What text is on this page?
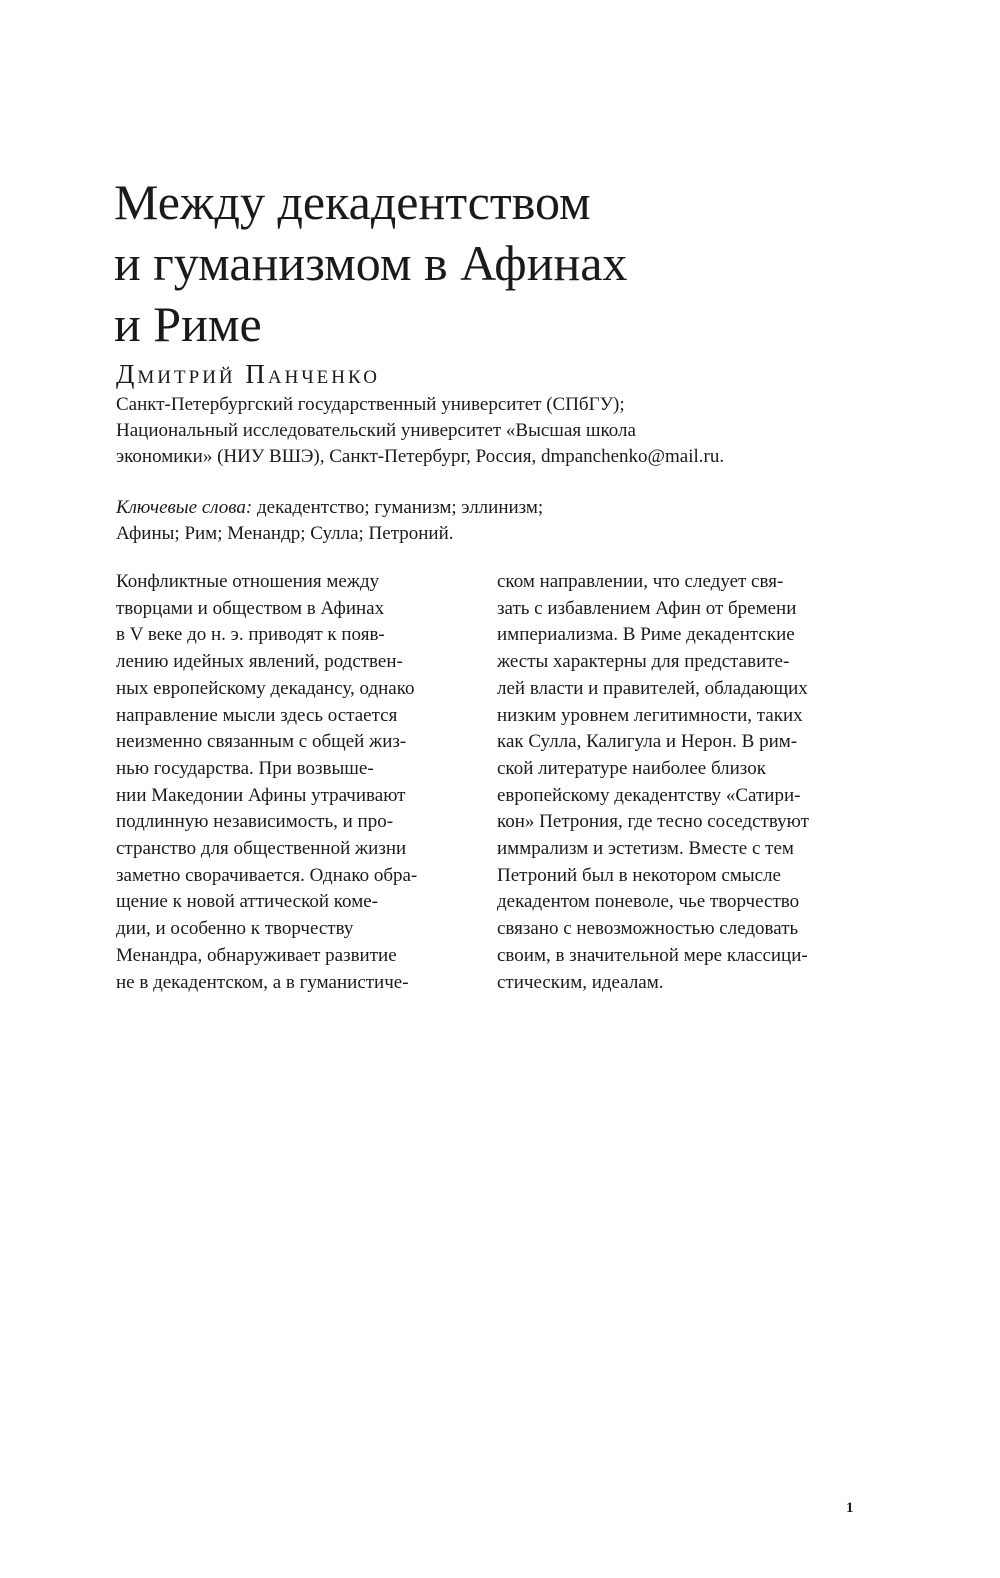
Между декадентством
и гуманизмом в Афинах
и Риме
Дмитрий Панченко
Санкт-Петербургский государственный университет (СПбГУ);
Национальный исследовательский университет «Высшая школа
экономики» (НИУ ВШЭ), Санкт-Петербург, Россия, dmpanchenko@mail.ru.
Ключевые слова: декадентство; гуманизм; эллинизм;
Афины; Рим; Менандр; Сулла; Петроний.
Конфликтные отношения между
творцами и обществом в Афинах
в V веке до н. э. приводят к появ-
лению идейных явлений, родствен-
ных европейскому декадансу, однако
направление мысли здесь остается
неизменно связанным с общей жиз-
нью государства. При возвыше-
нии Македонии Афины утрачивают
подлинную независимость, и про-
странство для общественной жизни
заметно сворачивается. Однако обра-
щение к новой аттической коме-
дии, и особенно к творчеству
Менандра, обнаруживает развитие
не в декадентском, а в гуманистиче-
ском направлении, что следует свя-
зать с избавлением Афин от бремени
империализма. В Риме декадентские
жесты характерны для представите-
лей власти и правителей, обладающих
низким уровнем легитимности, таких
как Сулла, Калигула и Нерон. В рим-
ской литературе наиболее близок
европейскому декадентству «Сатири-
кон» Петрония, где тесно соседствуют
иммрализм и эстетизм. Вместе с тем
Петроний был в некотором смысле
декадентом поневоле, чье творчество
связано с невозможностью следовать
своим, в значительной мере классици-
стическим, идеалам.
1
